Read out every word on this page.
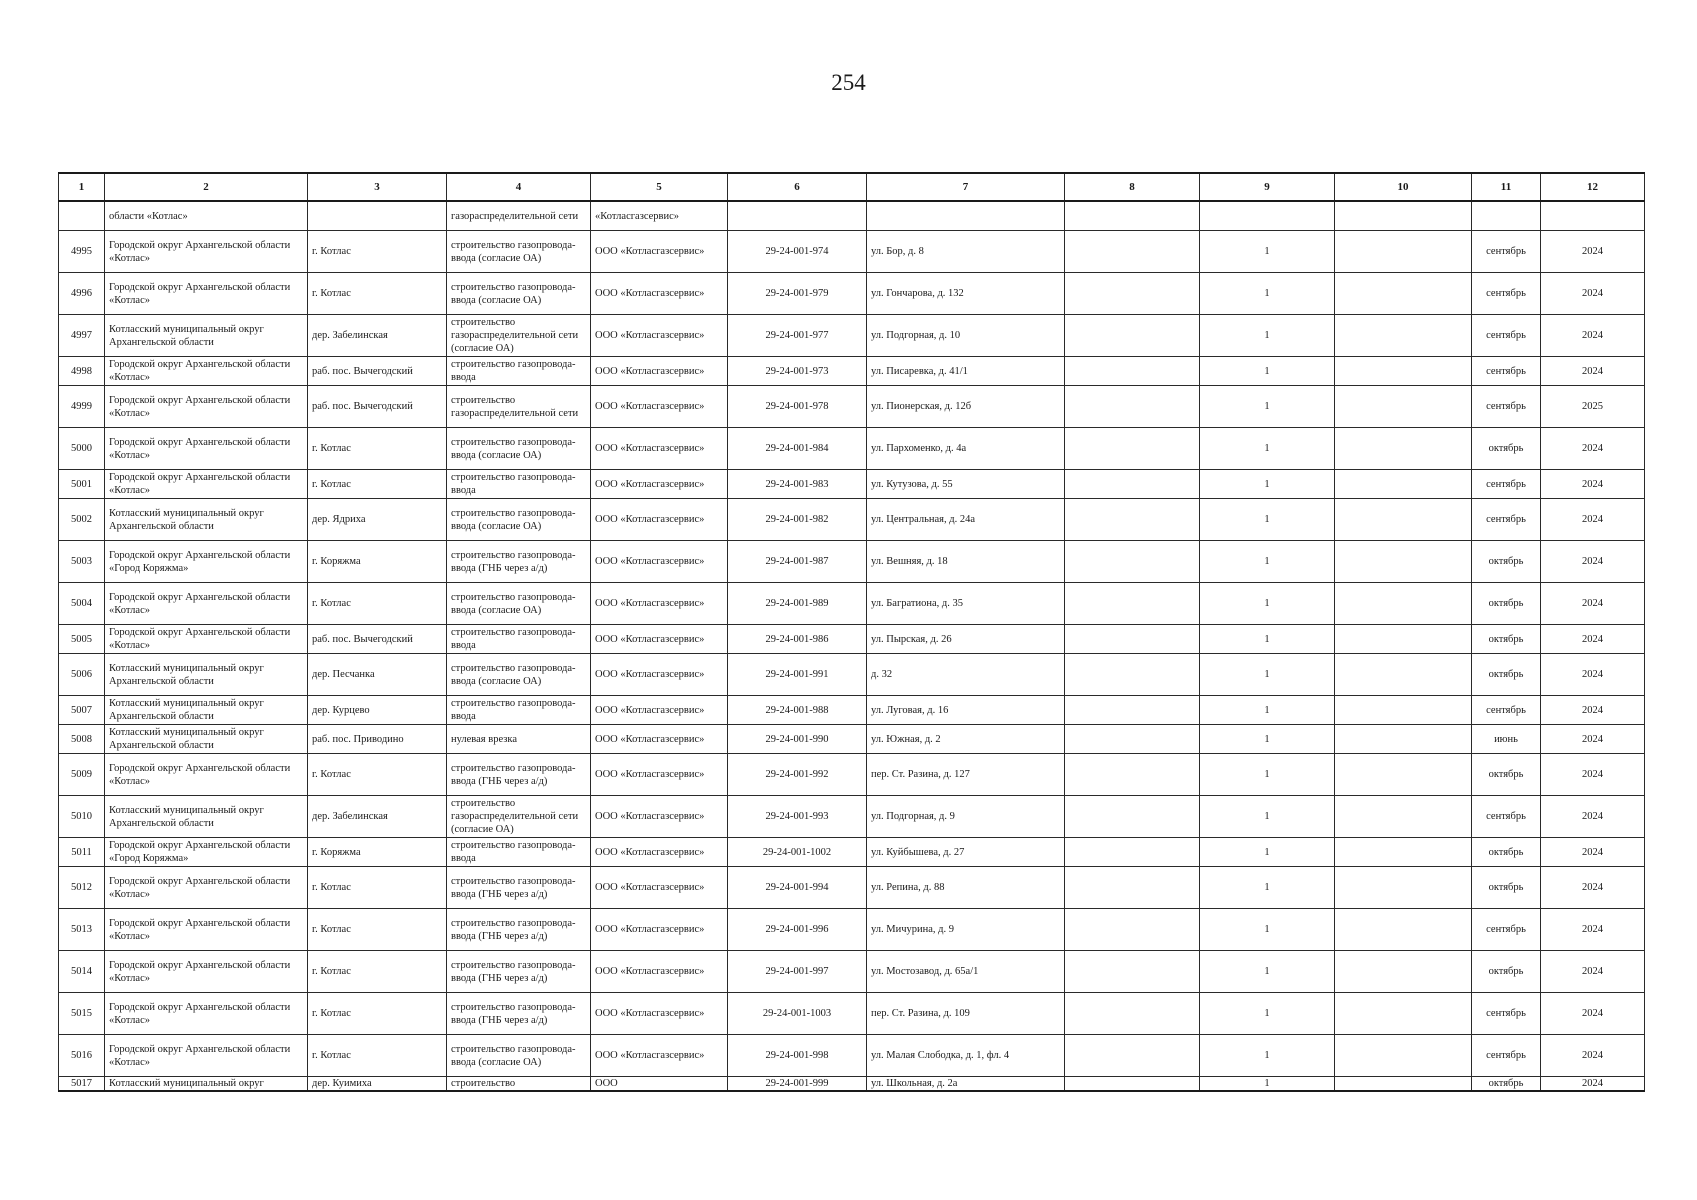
254
1	2	3	4	5	6	7	8	9	10	11	12
	области «Котлас»		газораспределительной сети	«Котласгазсервис»							
4995	Городской округ Архангельской области «Котлас»	г. Котлас	строительство газопровода-ввода (согласие ОА)	ООО «Котласгазсервис»	29-24-001-974	ул. Бор, д. 8		1		сентябрь	2024
4996	Городской округ Архангельской области «Котлас»	г. Котлас	строительство газопровода-ввода (согласие ОА)	ООО «Котласгазсервис»	29-24-001-979	ул. Гончарова, д. 132		1		сентябрь	2024
4997	Котласский муниципальный округ Архангельской области	дер. Забелинская	строительство газораспределительной сети (согласие ОА)	ООО «Котласгазсервис»	29-24-001-977	ул. Подгорная, д. 10		1		сентябрь	2024
4998	Городской округ Архангельской области «Котлас»	раб. пос. Вычегодский	строительство газопровода-ввода	ООО «Котласгазсервис»	29-24-001-973	ул. Писаревка, д. 41/1		1		сентябрь	2024
4999	Городской округ Архангельской области «Котлас»	раб. пос. Вычегодский	строительство газораспределительной сети	ООО «Котласгазсервис»	29-24-001-978	ул. Пионерская, д. 12б		1		сентябрь	2025
5000	Городской округ Архангельской области «Котлас»	г. Котлас	строительство газопровода-ввода (согласие ОА)	ООО «Котласгазсервис»	29-24-001-984	ул. Пархоменко, д. 4а		1		октябрь	2024
5001	Городской округ Архангельской области «Котлас»	г. Котлас	строительство газопровода-ввода	ООО «Котласгазсервис»	29-24-001-983	ул. Кутузова, д. 55		1		сентябрь	2024
5002	Котласский муниципальный округ Архангельской области	дер. Ядриха	строительство газопровода-ввода (согласие ОА)	ООО «Котласгазсервис»	29-24-001-982	ул. Центральная, д. 24а		1		сентябрь	2024
5003	Городской округ Архангельской области «Город Коряжма»	г. Коряжма	строительство газопровода-ввода (ГНБ через а/д)	ООО «Котласгазсервис»	29-24-001-987	ул. Вешняя, д. 18		1		октябрь	2024
5004	Городской округ Архангельской области «Котлас»	г. Котлас	строительство газопровода-ввода (согласие ОА)	ООО «Котласгазсервис»	29-24-001-989	ул. Багратиона, д. 35		1		октябрь	2024
5005	Городской округ Архангельской области «Котлас»	раб. пос. Вычегодский	строительство газопровода-ввода	ООО «Котласгазсервис»	29-24-001-986	ул. Пырская, д. 26		1		октябрь	2024
5006	Котласский муниципальный округ Архангельской области	дер. Песчанка	строительство газопровода-ввода (согласие ОА)	ООО «Котласгазсервис»	29-24-001-991	д. 32		1		октябрь	2024
5007	Котласский муниципальный округ Архангельской области	дер. Курцево	строительство газопровода-ввода	ООО «Котласгазсервис»	29-24-001-988	ул. Луговая, д. 16		1		сентябрь	2024
5008	Котласский муниципальный округ Архангельской области	раб. пос. Приводино	нулевая врезка	ООО «Котласгазсервис»	29-24-001-990	ул. Южная, д. 2		1		июнь	2024
5009	Городской округ Архангельской области «Котлас»	г. Котлас	строительство газопровода-ввода (ГНБ через а/д)	ООО «Котласгазсервис»	29-24-001-992	пер. Ст. Разина, д. 127		1		октябрь	2024
5010	Котласский муниципальный округ Архангельской области	дер. Забелинская	строительство газораспределительной сети (согласие ОА)	ООО «Котласгазсервис»	29-24-001-993	ул. Подгорная, д. 9		1		сентябрь	2024
5011	Городской округ Архангельской области «Город Коряжма»	г. Коряжма	строительство газопровода-ввода	ООО «Котласгазсервис»	29-24-001-1002	ул. Куйбышева, д. 27		1		октябрь	2024
5012	Городской округ Архангельской области «Котлас»	г. Котлас	строительство газопровода-ввода (ГНБ через а/д)	ООО «Котласгазсервис»	29-24-001-994	ул. Репина, д. 88		1		октябрь	2024
5013	Городской округ Архангельской области «Котлас»	г. Котлас	строительство газопровода-ввода (ГНБ через а/д)	ООО «Котласгазсервис»	29-24-001-996	ул. Мичурина, д. 9		1		сентябрь	2024
5014	Городской округ Архангельской области «Котлас»	г. Котлас	строительство газопровода-ввода (ГНБ через а/д)	ООО «Котласгазсервис»	29-24-001-997	ул. Мостозавод, д. 65а/1		1		октябрь	2024
5015	Городской округ Архангельской области «Котлас»	г. Котлас	строительство газопровода-ввода (ГНБ через а/д)	ООО «Котласгазсервис»	29-24-001-1003	пер. Ст. Разина, д. 109		1		сентябрь	2024
5016	Городской округ Архангельской области «Котлас»	г. Котлас	строительство газопровода-ввода (согласие ОА)	ООО «Котласгазсервис»	29-24-001-998	ул. Малая Слободка, д. 1, фл. 4		1		сентябрь	2024
5017	Котласский муниципальный округ	дер. Куимиха	строительство	ООО	29-24-001-999	ул. Школьная, д. 2а		1		октябрь	2024
